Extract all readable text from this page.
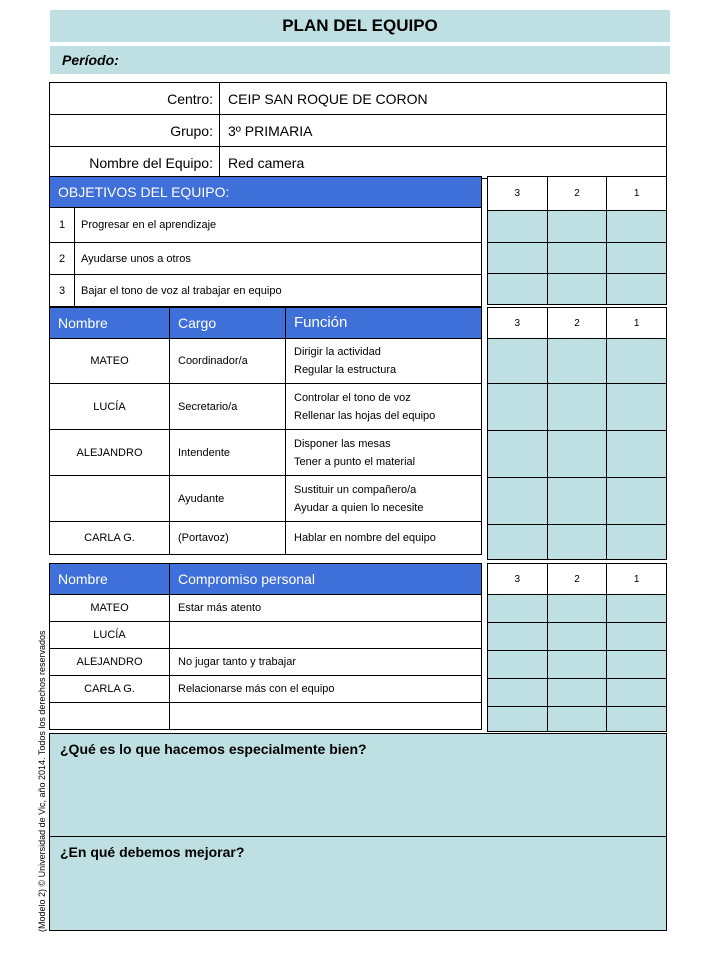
PLAN DEL EQUIPO
Período:
Centro:	CEIP SAN ROQUE DE CORON
Grupo:	3º PRIMARIA
Nombre del Equipo:	Red camera
OBJETIVOS DEL EQUIPO:	
1	Progresar en el aprendizaje
2	Ayudarse unos a otros
3	Bajar el tono de voz al trabajar en equipo
3	2	1

Nombre	Cargo	Función
MATEO	Coordinador/a	Dirigir la actividad
Regular la estructura

LUCÍA	Secretario/a	Controlar el tono de voz
Rellenar las hojas del equipo

ALEJANDRO	Intendente	Disponer las mesas
Tener a punto el material

	Ayudante	Sustituir un compañero/a
Ayudar a quien lo necesite

CARLA G.	(Portavoz)	Hablar en nombre del equipo
3	2	1

Nombre	Compromiso personal
MATEO	Estar más atento
LUCÍA	
ALEJANDRO	No jugar tanto y trabajar
CARLA G.	Relacionarse más con el equipo

3	2	1

¿Qué es lo que hacemos especialmente bien?
¿En qué debemos mejorar?
(Modelo 2) © Universidad de Vic, año 2014. Todos los derechos reservados
